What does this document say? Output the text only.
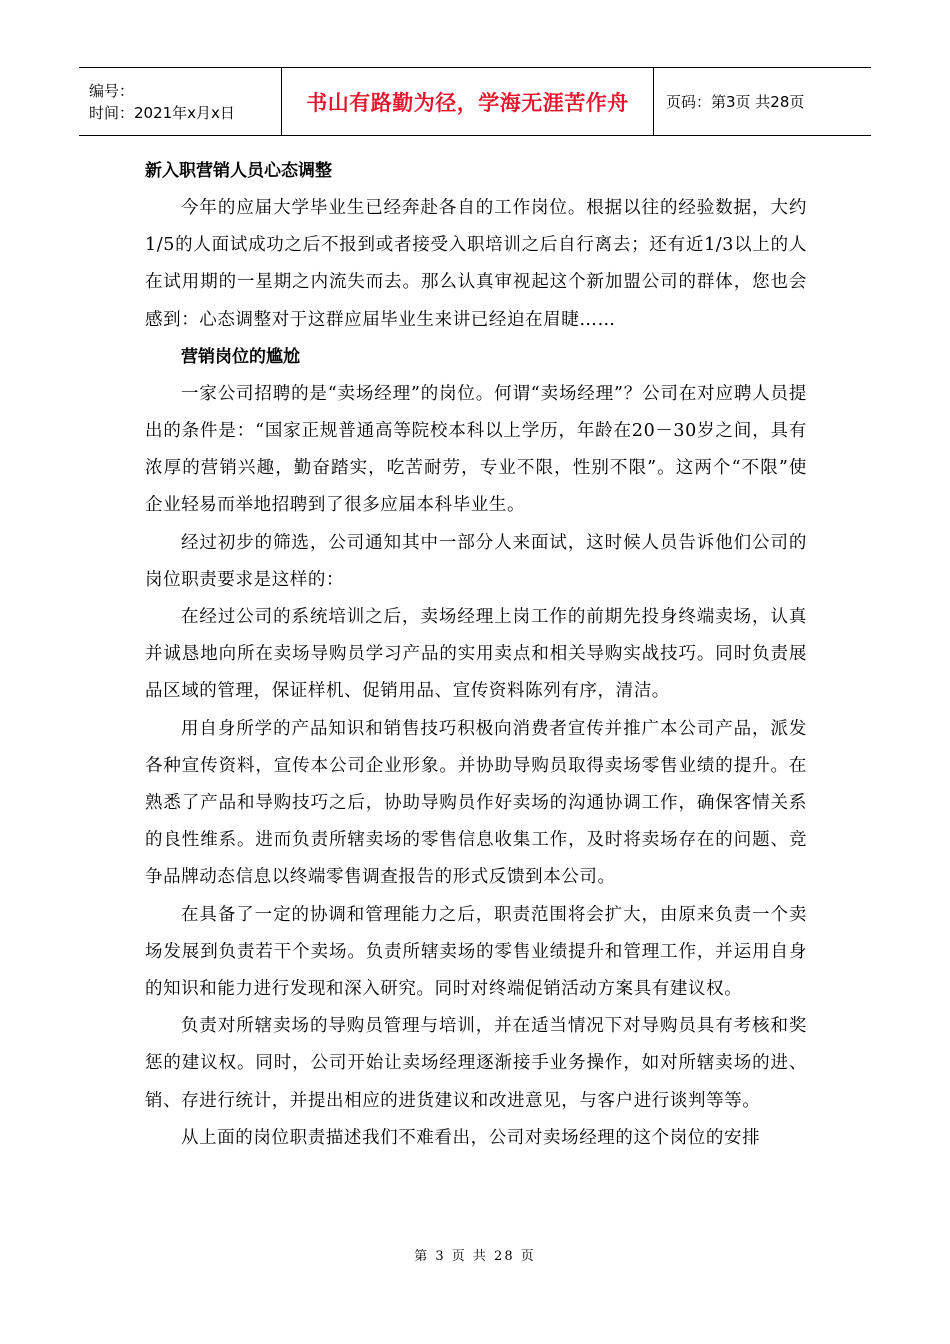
编号：
时间：2021年x月x日	书山有路勤为径，学海无涯苦作舟	页码：第3页 共28页

新入职营销人员心态调整

今年的应届大学毕业生已经奔赴各自的工作岗位。根据以往的经验数据，大约1/5的人面试成功之后不报到或者接受入职培训之后自行离去；还有近1/3以上的人在试用期的一星期之内流失而去。那么认真审视起这个新加盟公司的群体，您也会感到：心态调整对于这群应届毕业生来讲已经迫在眉睫……

营销岗位的尴尬

一家公司招聘的是“卖场经理”的岗位。何谓“卖场经理”？公司在对应聘人员提出的条件是：“国家正规普通高等院校本科以上学历，年龄在20－30岁之间，具有浓厚的营销兴趣，勤奋踏实，吃苦耐劳，专业不限，性别不限”。这两个“不限”使企业轻易而举地招聘到了很多应届本科毕业生。

经过初步的筛选，公司通知其中一部分人来面试，这时候人员告诉他们公司的岗位职责要求是这样的：

在经过公司的系统培训之后，卖场经理上岗工作的前期先投身终端卖场，认真并诚恳地向所在卖场导购员学习产品的实用卖点和相关导购实战技巧。同时负责展品区域的管理，保证样机、促销用品、宣传资料陈列有序，清洁。

用自身所学的产品知识和销售技巧积极向消费者宣传并推广本公司产品，派发各种宣传资料，宣传本公司企业形象。并协助导购员取得卖场零售业绩的提升。在熟悉了产品和导购技巧之后，协助导购员作好卖场的沟通协调工作，确保客情关系的良性维系。进而负责所辖卖场的零售信息收集工作，及时将卖场存在的问题、竞争品牌动态信息以终端零售调查报告的形式反馈到本公司。

在具备了一定的协调和管理能力之后，职责范围将会扩大，由原来负责一个卖场发展到负责若干个卖场。负责所辖卖场的零售业绩提升和管理工作，并运用自身的知识和能力进行发现和深入研究。同时对终端促销活动方案具有建议权。

负责对所辖卖场的导购员管理与培训，并在适当情况下对导购员具有考核和奖惩的建议权。同时，公司开始让卖场经理逐渐接手业务操作，如对所辖卖场的进、销、存进行统计，并提出相应的进货建议和改进意见，与客户进行谈判等等。

从上面的岗位职责描述我们不难看出，公司对卖场经理的这个岗位的安排

第 3 页 共 28 页
